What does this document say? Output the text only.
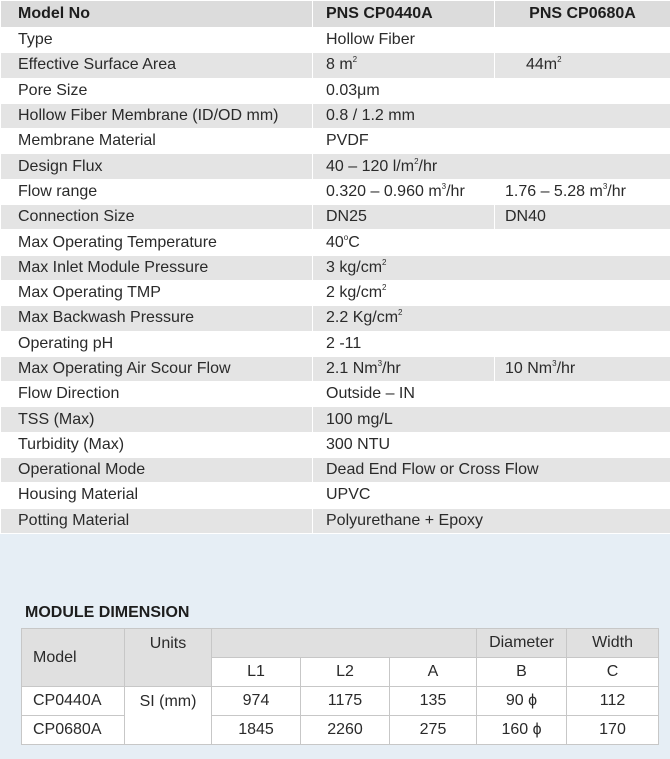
Model No	PNS CP0440A	PNS CP0680A
Type	Hollow Fiber	
Effective Surface Area	8 $m^2$	$44m^2$
Pore Size	0.03μm	
Hollow Fiber Membrane (ID/OD mm)	0.8 / 1.2 mm	
Membrane Material	PVDF	
Design Flux	40 – 120 $l/m^2/hr$	
Flow range	0.320 – 0.960 $m^3/hr$	1.76 – 5.28 $m^3/hr$
Connection Size	DN25	DN40
Max Operating Temperature	40$^o$C	
Max Inlet Module Pressure	3 $kg/cm^2$
Max Operating TMP	2 $kg/cm^2$
Max Backwash Pressure	2.2 $Kg/cm^2$
Operating pH	2 -11	
Max Operating Air Scour Flow	2.1 Nm$^3$/hr	10 Nm$^3$/hr
Flow Direction	Outside – IN	
TSS (Max)	100 mg/L	
Turbidity (Max)	300 NTU	
Operational Mode	Dead End Flow or Cross Flow	
Housing Material	UPVC	
Potting Material	Polyurethane + Epoxy	
MODULE DIMENSION
Model	Units				Diameter	Width
		L1	L2	A	B	C
CP0440A	SI (mm)	974	1175	135	90 ϕ	112
CP0680A		1845	2260	275	160 ϕ	170
